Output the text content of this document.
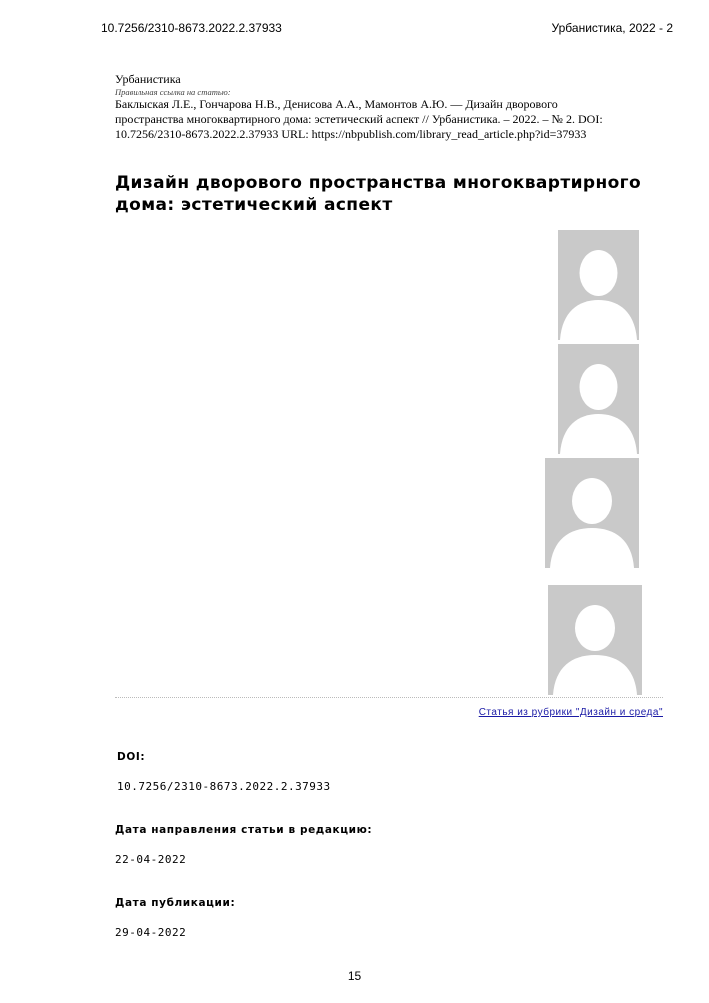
10.7256/2310-8673.2022.2.37933	Урбанистика, 2022 - 2
Урбанистика
Правильная ссылка на статью:
Баклыская Л.Е., Гончарова Н.В., Денисова А.А., Мамонтов А.Ю. — Дизайн дворового пространства многоквартирного дома: эстетический аспект // Урбанистика. – 2022. – № 2. DOI: 10.7256/2310-8673.2022.2.37933 URL: https://nbpublish.com/library_read_article.php?id=37933
Дизайн дворового пространства многоквартирного дома: эстетический аспект
Статья из рубрики "Дизайн и среда"
DOI:
10.7256/2310-8673.2022.2.37933
Дата направления статьи в редакцию:
22-04-2022
Дата публикации:
29-04-2022
15
